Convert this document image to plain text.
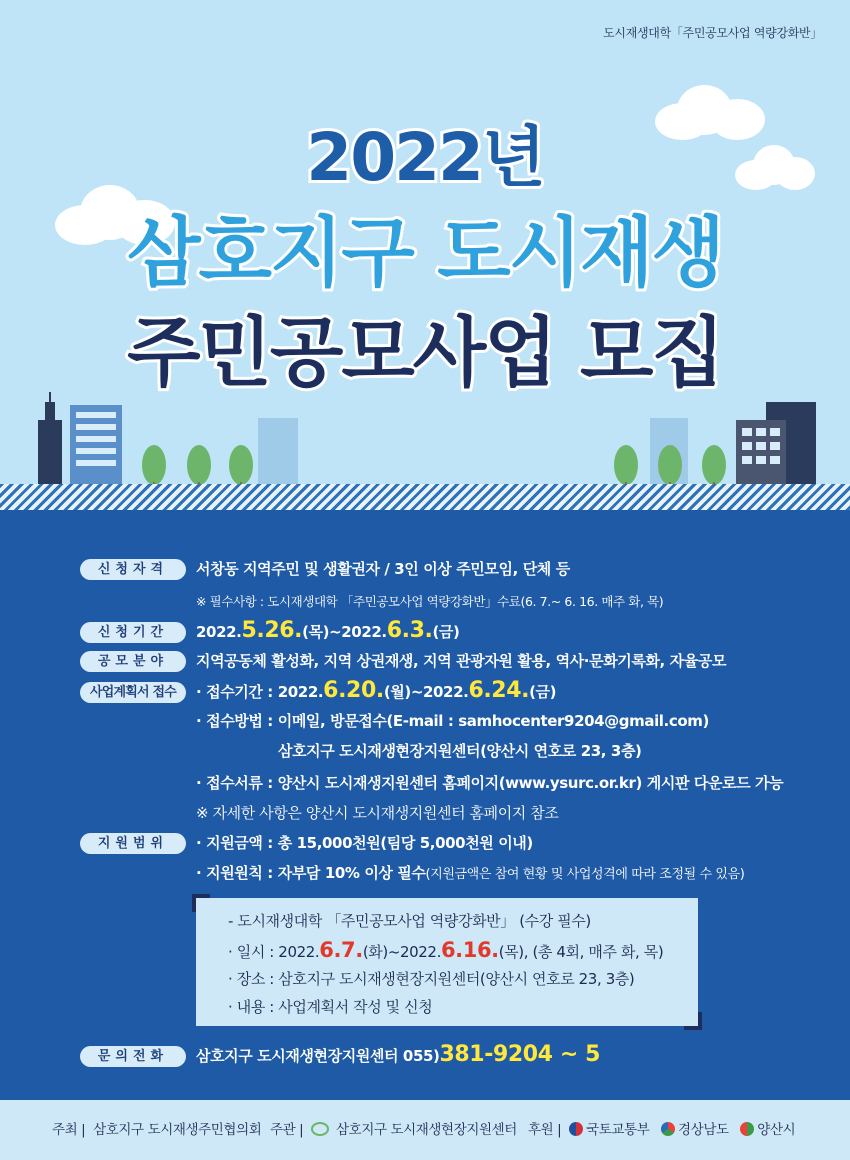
도시재생대학「주민공모사업 역량강화반」
2022년
삼호지구 도시재생
주민공모사업 모집
신청자격 서창동 지역주민 및 생활권자 / 3인 이상 주민모임, 단체 등
※ 필수사항 : 도시재생대학 「주민공모사업 역량강화반」수료(6. 7.~ 6. 16. 매주 화, 목)
신청기간 2022.5.26.(목)~2022.6.3.(금)
공모분야 지역공동체 활성화, 지역 상권재생, 지역 관광자원 활용, 역사·문화기록화, 자율공모
사업계획서 접수 · 접수기간 : 2022.6.20.(월)~2022.6.24.(금)
· 접수방법 : 이메일, 방문접수(E-mail : samhocenter9204@gmail.com)
삼호지구 도시재생현장지원센터(양산시 연호로 23, 3층)
· 접수서류 : 양산시 도시재생지원센터 홈페이지(www.ysurc.or.kr) 게시판 다운로드 가능
※ 자세한 사항은 양산시 도시재생지원센터 홈페이지 참조
지원범위 · 지원금액 : 총 15,000천원(팀당 5,000천원 이내)
· 지원원칙 : 자부담 10% 이상 필수(지원금액은 참여 현황 및 사업성격에 따라 조정될 수 있음)
- 도시재생대학 「주민공모사업 역량강화반」 (수강 필수)
· 일시 : 2022.6.7.(화)~2022.6.16.(목), (총 4회, 매주 화, 목)
· 장소 : 삼호지구 도시재생현장지원센터(양산시 연호로 23, 3층)
· 내용 : 사업계획서 작성 및 신청
문의전화 삼호지구 도시재생현장지원센터 055)381-9204 ~ 5
주최 | 삼호지구 도시재생주민협의회 주관 | 삼호지구 도시재생현장지원센터 후원 | 국토교통부 경상남도 양산시
